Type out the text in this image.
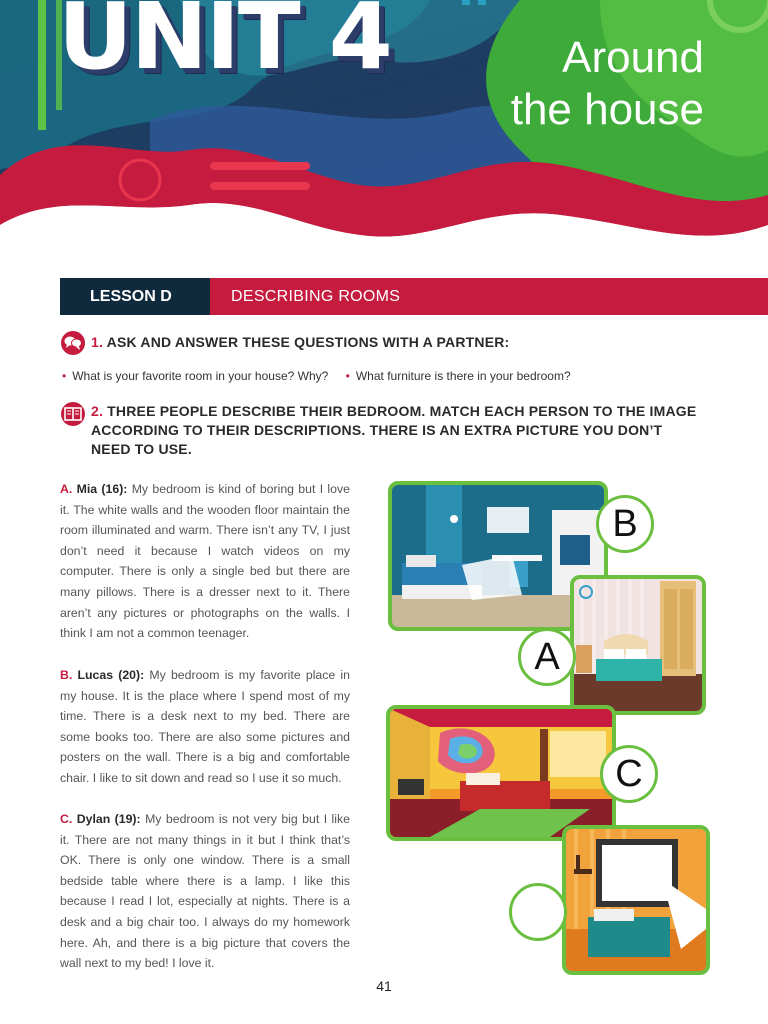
UNIT 4	Around
the house
LESSON D	DESCRIBING ROOMS
1. ASK AND ANSWER THESE QUESTIONS WITH A PARTNER:
• What is your favorite room in your house? Why? • What furniture is there in your bedroom?
2. THREE PEOPLE DESCRIBE THEIR BEDROOM. MATCH EACH PERSON TO THE IMAGE
ACCORDING TO THEIR DESCRIPTIONS. THERE IS AN EXTRA PICTURE YOU DON’T
NEED TO USE.
A. Mia (16): My bedroom is kind of boring but I love it. The white walls and the wooden floor maintain the room illuminated and warm. There isn’t any TV, I just don’t need it because I watch videos on my computer. There is only a single bed but there are many pillows. There is a dresser next to it. There aren’t any pictures or photographs on the walls. I think I am not a common teenager.
B. Lucas (20): My bedroom is my favorite place in my house. It is the place where I spend most of my time. There is a desk next to my bed. There are some books too. There are also some pictures and posters on the wall. There is a big and comfortable chair. I like to sit down and read so I use it so much.
C. Dylan (19): My bedroom is not very big but I like it. There are not many things in it but I think that’s OK. There is only one window. There is a small bedside table where there is a lamp. I like this because I read I lot, especially at nights. There is a desk and a big chair too. I always do my homework here. Ah, and there is a big picture that covers the wall next to my bed! I love it.
B
A
C
41
